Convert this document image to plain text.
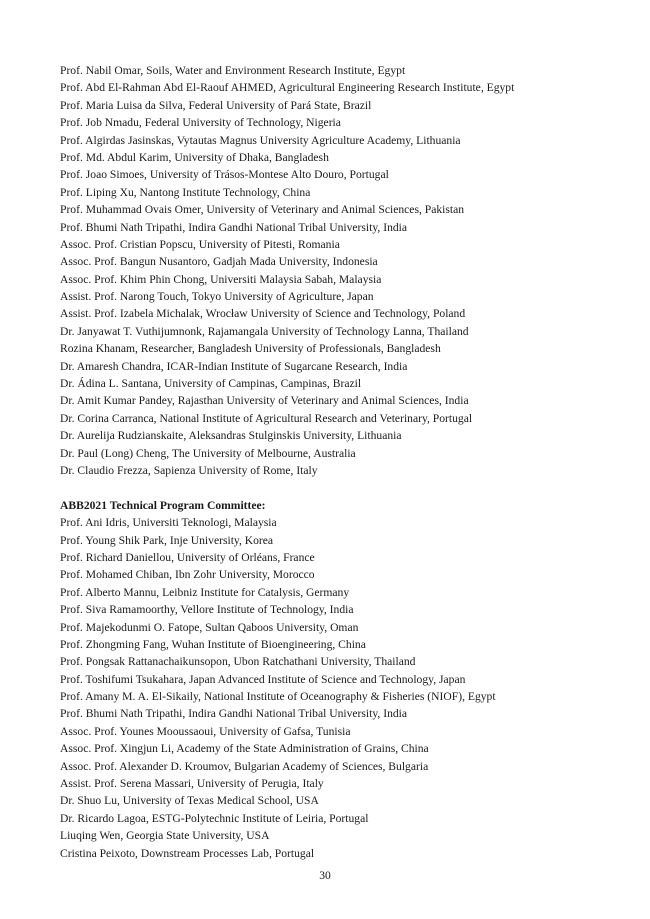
Prof. Nabil Omar, Soils, Water and Environment Research Institute, Egypt
Prof. Abd El-Rahman Abd El-Raouf AHMED, Agricultural Engineering Research Institute, Egypt
Prof. Maria Luisa da Silva, Federal University of Pará State, Brazil
Prof. Job Nmadu, Federal University of Technology, Nigeria
Prof. Algirdas Jasinskas, Vytautas Magnus University Agriculture Academy, Lithuania
Prof. Md. Abdul Karim, University of Dhaka, Bangladesh
Prof. Joao Simoes, University of Trásos-Montese Alto Douro, Portugal
Prof. Liping Xu, Nantong Institute Technology, China
Prof. Muhammad Ovais Omer, University of Veterinary and Animal Sciences, Pakistan
Prof. Bhumi Nath Tripathi, Indira Gandhi National Tribal University, India
Assoc. Prof. Cristian Popscu, University of Pitesti, Romania
Assoc. Prof. Bangun Nusantoro, Gadjah Mada University, Indonesia
Assoc. Prof. Khim Phin Chong, Universiti Malaysia Sabah, Malaysia
Assist. Prof. Narong Touch, Tokyo University of Agriculture, Japan
Assist. Prof. Izabela Michalak, Wrocław University of Science and Technology, Poland
Dr. Janyawat T. Vuthijumnonk, Rajamangala University of Technology Lanna, Thailand
Rozina Khanam, Researcher, Bangladesh University of Professionals, Bangladesh
Dr. Amaresh Chandra, ICAR-Indian Institute of Sugarcane Research, India
Dr. Ádina L. Santana, University of Campinas, Campinas, Brazil
Dr. Amit Kumar Pandey, Rajasthan University of Veterinary and Animal Sciences, India
Dr. Corina Carranca, National Institute of Agricultural Research and Veterinary, Portugal
Dr. Aurelija Rudzianskaite, Aleksandras Stulginskis University, Lithuania
Dr. Paul (Long) Cheng, The University of Melbourne, Australia
Dr. Claudio Frezza, Sapienza University of Rome, Italy
ABB2021 Technical Program Committee:
Prof. Ani Idris, Universiti Teknologi, Malaysia
Prof. Young Shik Park, Inje University, Korea
Prof. Richard Daniellou, University of Orléans, France
Prof. Mohamed Chiban, Ibn Zohr University, Morocco
Prof. Alberto Mannu, Leibniz Institute for Catalysis, Germany
Prof. Siva Ramamoorthy, Vellore Institute of Technology, India
Prof. Majekodunmi O. Fatope, Sultan Qaboos University, Oman
Prof. Zhongming Fang, Wuhan Institute of Bioengineering, China
Prof. Pongsak Rattanachaikunsopon, Ubon Ratchathani University, Thailand
Prof. Toshifumi Tsukahara, Japan Advanced Institute of Science and Technology, Japan
Prof. Amany M. A. El-Sikaily, National Institute of Oceanography & Fisheries (NIOF), Egypt
Prof. Bhumi Nath Tripathi, Indira Gandhi National Tribal University, India
Assoc. Prof. Younes Mooussaoui, University of Gafsa, Tunisia
Assoc. Prof. Xingjun Li, Academy of the State Administration of Grains, China
Assoc. Prof. Alexander D. Kroumov, Bulgarian Academy of Sciences, Bulgaria
Assist. Prof. Serena Massari, University of Perugia, Italy
Dr. Shuo Lu, University of Texas Medical School, USA
Dr. Ricardo Lagoa, ESTG-Polytechnic Institute of Leiria, Portugal
Liuqing Wen, Georgia State University, USA
Cristina Peixoto, Downstream Processes Lab, Portugal
30
